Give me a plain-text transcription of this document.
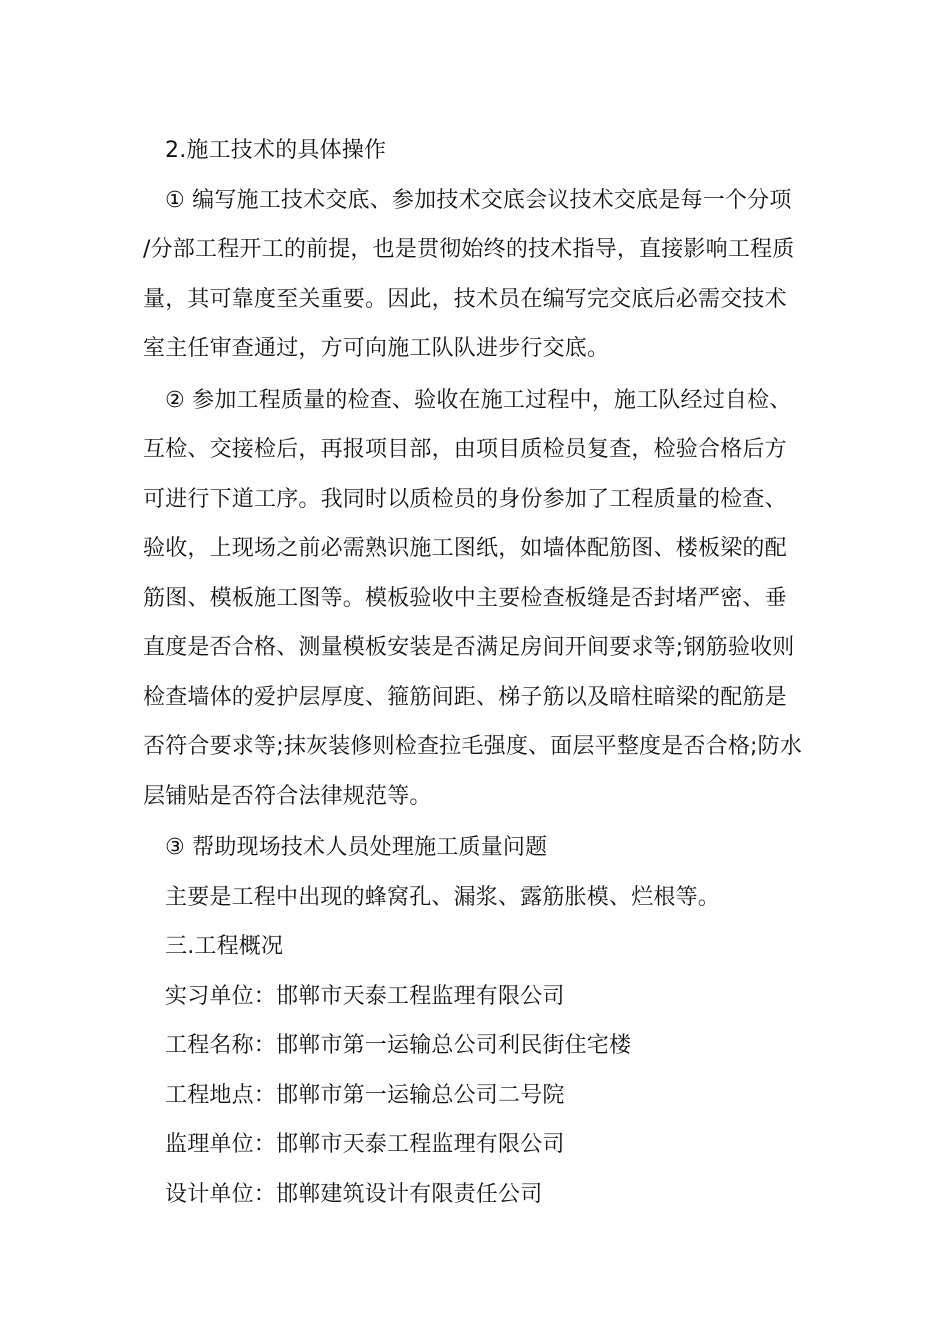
2.施工技术的具体操作
① 编写施工技术交底、参加技术交底会议技术交底是每一个分项
/分部工程开工的前提，也是贯彻始终的技术指导，直接影响工程质
量，其可靠度至关重要。因此，技术员在编写完交底后必需交技术
室主任审查通过，方可向施工队队进步行交底。
② 参加工程质量的检查、验收在施工过程中，施工队经过自检、
互检、交接检后，再报项目部，由项目质检员复查，检验合格后方
可进行下道工序。我同时以质检员的身份参加了工程质量的检查、
验收，上现场之前必需熟识施工图纸，如墙体配筋图、楼板梁的配
筋图、模板施工图等。模板验收中主要检查板缝是否封堵严密、垂
直度是否合格、测量模板安装是否满足房间开间要求等;钢筋验收则
检查墙体的爱护层厚度、箍筋间距、梯子筋以及暗柱暗梁的配筋是
否符合要求等;抹灰装修则检查拉毛强度、面层平整度是否合格;防水
层铺贴是否符合法律规范等。
③ 帮助现场技术人员处理施工质量问题
主要是工程中出现的蜂窝孔、漏浆、露筋胀模、烂根等。
三.工程概况
实习单位：邯郸市天泰工程监理有限公司
工程名称：邯郸市第一运输总公司利民街住宅楼
工程地点：邯郸市第一运输总公司二号院
监理单位：邯郸市天泰工程监理有限公司
设计单位：邯郸建筑设计有限责任公司
